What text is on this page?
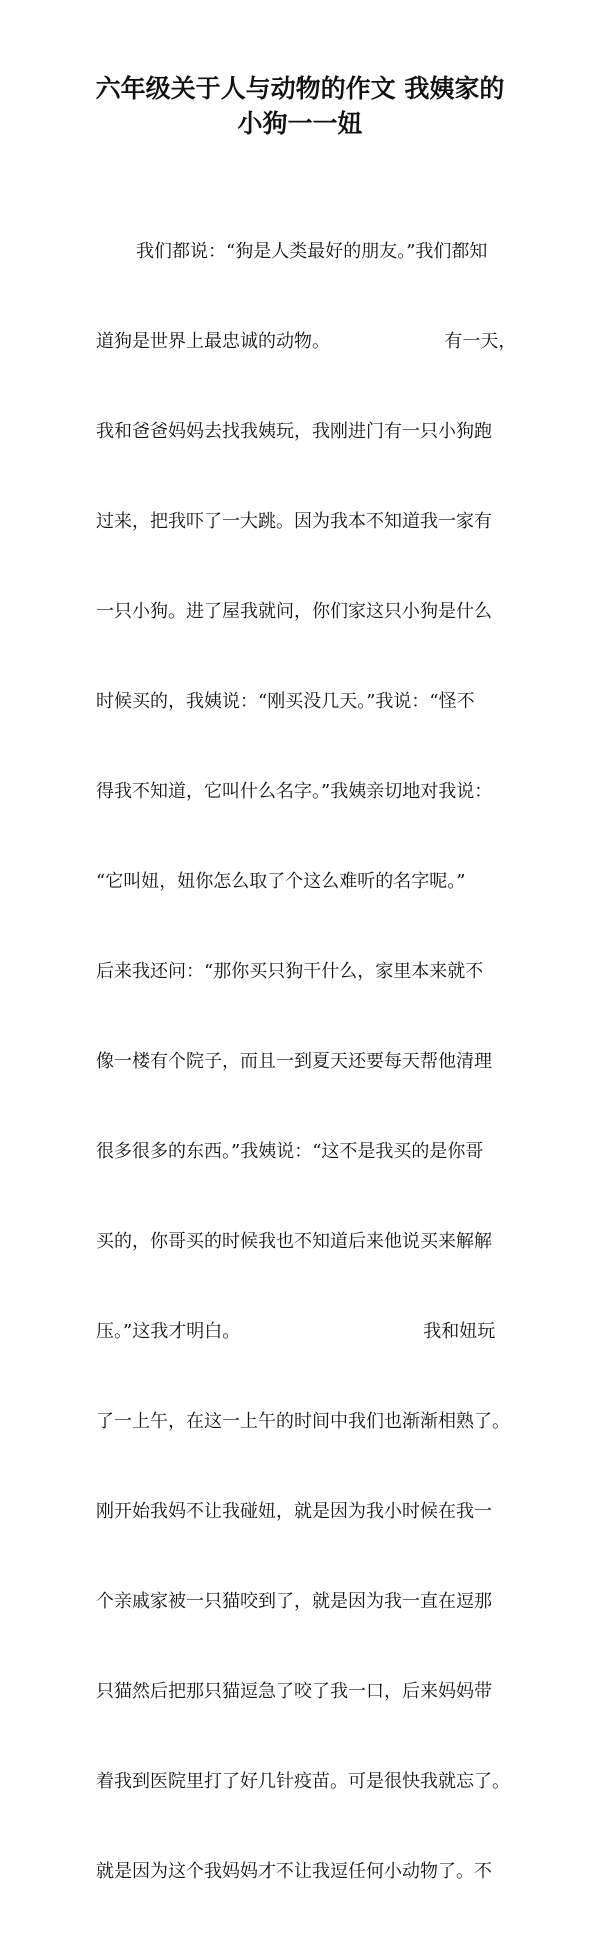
六年级关于人与动物的作文 我姨家的
小狗一一妞

我们都说：“狗是人类最好的朋友。”我们都知

道狗是世界上最忠诚的动物。                    有一天，

我和爸爸妈妈去找我姨玩，我刚进门有一只小狗跑

过来，把我吓了一大跳。因为我本不知道我一家有

一只小狗。进了屋我就问，你们家这只小狗是什么

时候买的，我姨说：“刚买没几天。”我说：“怪不

得我不知道，它叫什么名字。”我姨亲切地对我说：

“它叫妞，妞你怎么取了个这么难听的名字呢。”

后来我还问：“那你买只狗干什么，家里本来就不

像一楼有个院子，而且一到夏天还要每天帮他清理

很多很多的东西。”我姨说：“这不是我买的是你哥

买的，你哥买的时候我也不知道后来他说买来解解

压。”这我才明白。                                我和妞玩

了一上午，在这一上午的时间中我们也渐渐相熟了。

刚开始我妈不让我碰妞，就是因为我小时候在我一

个亲戚家被一只猫咬到了，就是因为我一直在逗那

只猫然后把那只猫逗急了咬了我一口，后来妈妈带

着我到医院里打了好几针疫苗。可是很快我就忘了。

就是因为这个我妈妈才不让我逗任何小动物了。不
